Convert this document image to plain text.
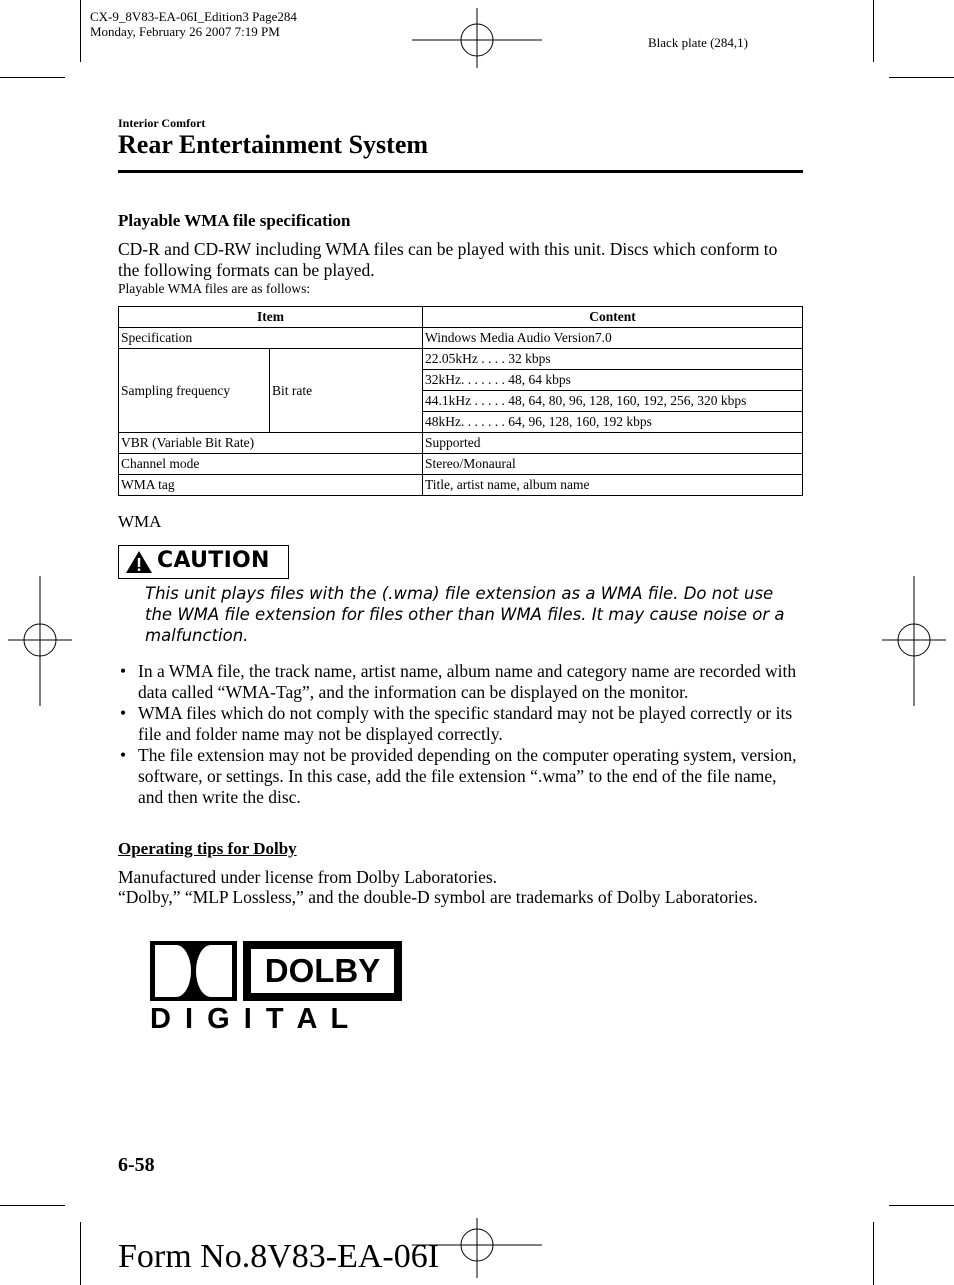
CX-9_8V83-EA-06I_Edition3 Page284
Monday, February 26 2007 7:19 PM
Black plate (284,1)
Interior Comfort
Rear Entertainment System
Playable WMA file specification
CD-R and CD-RW including WMA files can be played with this unit. Discs which conform to the following formats can be played.
Playable WMA files are as follows:
Item		Content
Specification		Windows Media Audio Version7.0
Sampling frequency	Bit rate	22.05kHz . . . . 32 kbps
		32kHz. . . . . . . 48, 64 kbps
		44.1kHz . . . . . 48, 64, 80, 96, 128, 160, 192, 256, 320 kbps
		48kHz. . . . . . . 64, 96, 128, 160, 192 kbps
VBR (Variable Bit Rate)		Supported
Channel mode		Stereo/Monaural
WMA tag		Title, artist name, album name
WMA
CAUTION
This unit plays files with the (.wma) file extension as a WMA file. Do not use the WMA file extension for files other than WMA files. It may cause noise or a malfunction.
• In a WMA file, the track name, artist name, album name and category name are recorded with data called “WMA-Tag”, and the information can be displayed on the monitor.
• WMA files which do not comply with the specific standard may not be played correctly or its file and folder name may not be displayed correctly.
• The file extension may not be provided depending on the computer operating system, version, software, or settings. In this case, add the file extension “.wma” to the end of the file name, and then write the disc.
Operating tips for Dolby
Manufactured under license from Dolby Laboratories.
“Dolby,” “MLP Lossless,” and the double-D symbol are trademarks of Dolby Laboratories.
DOLBY
D I G I T A L
6-58
Form No.8V83-EA-06I
